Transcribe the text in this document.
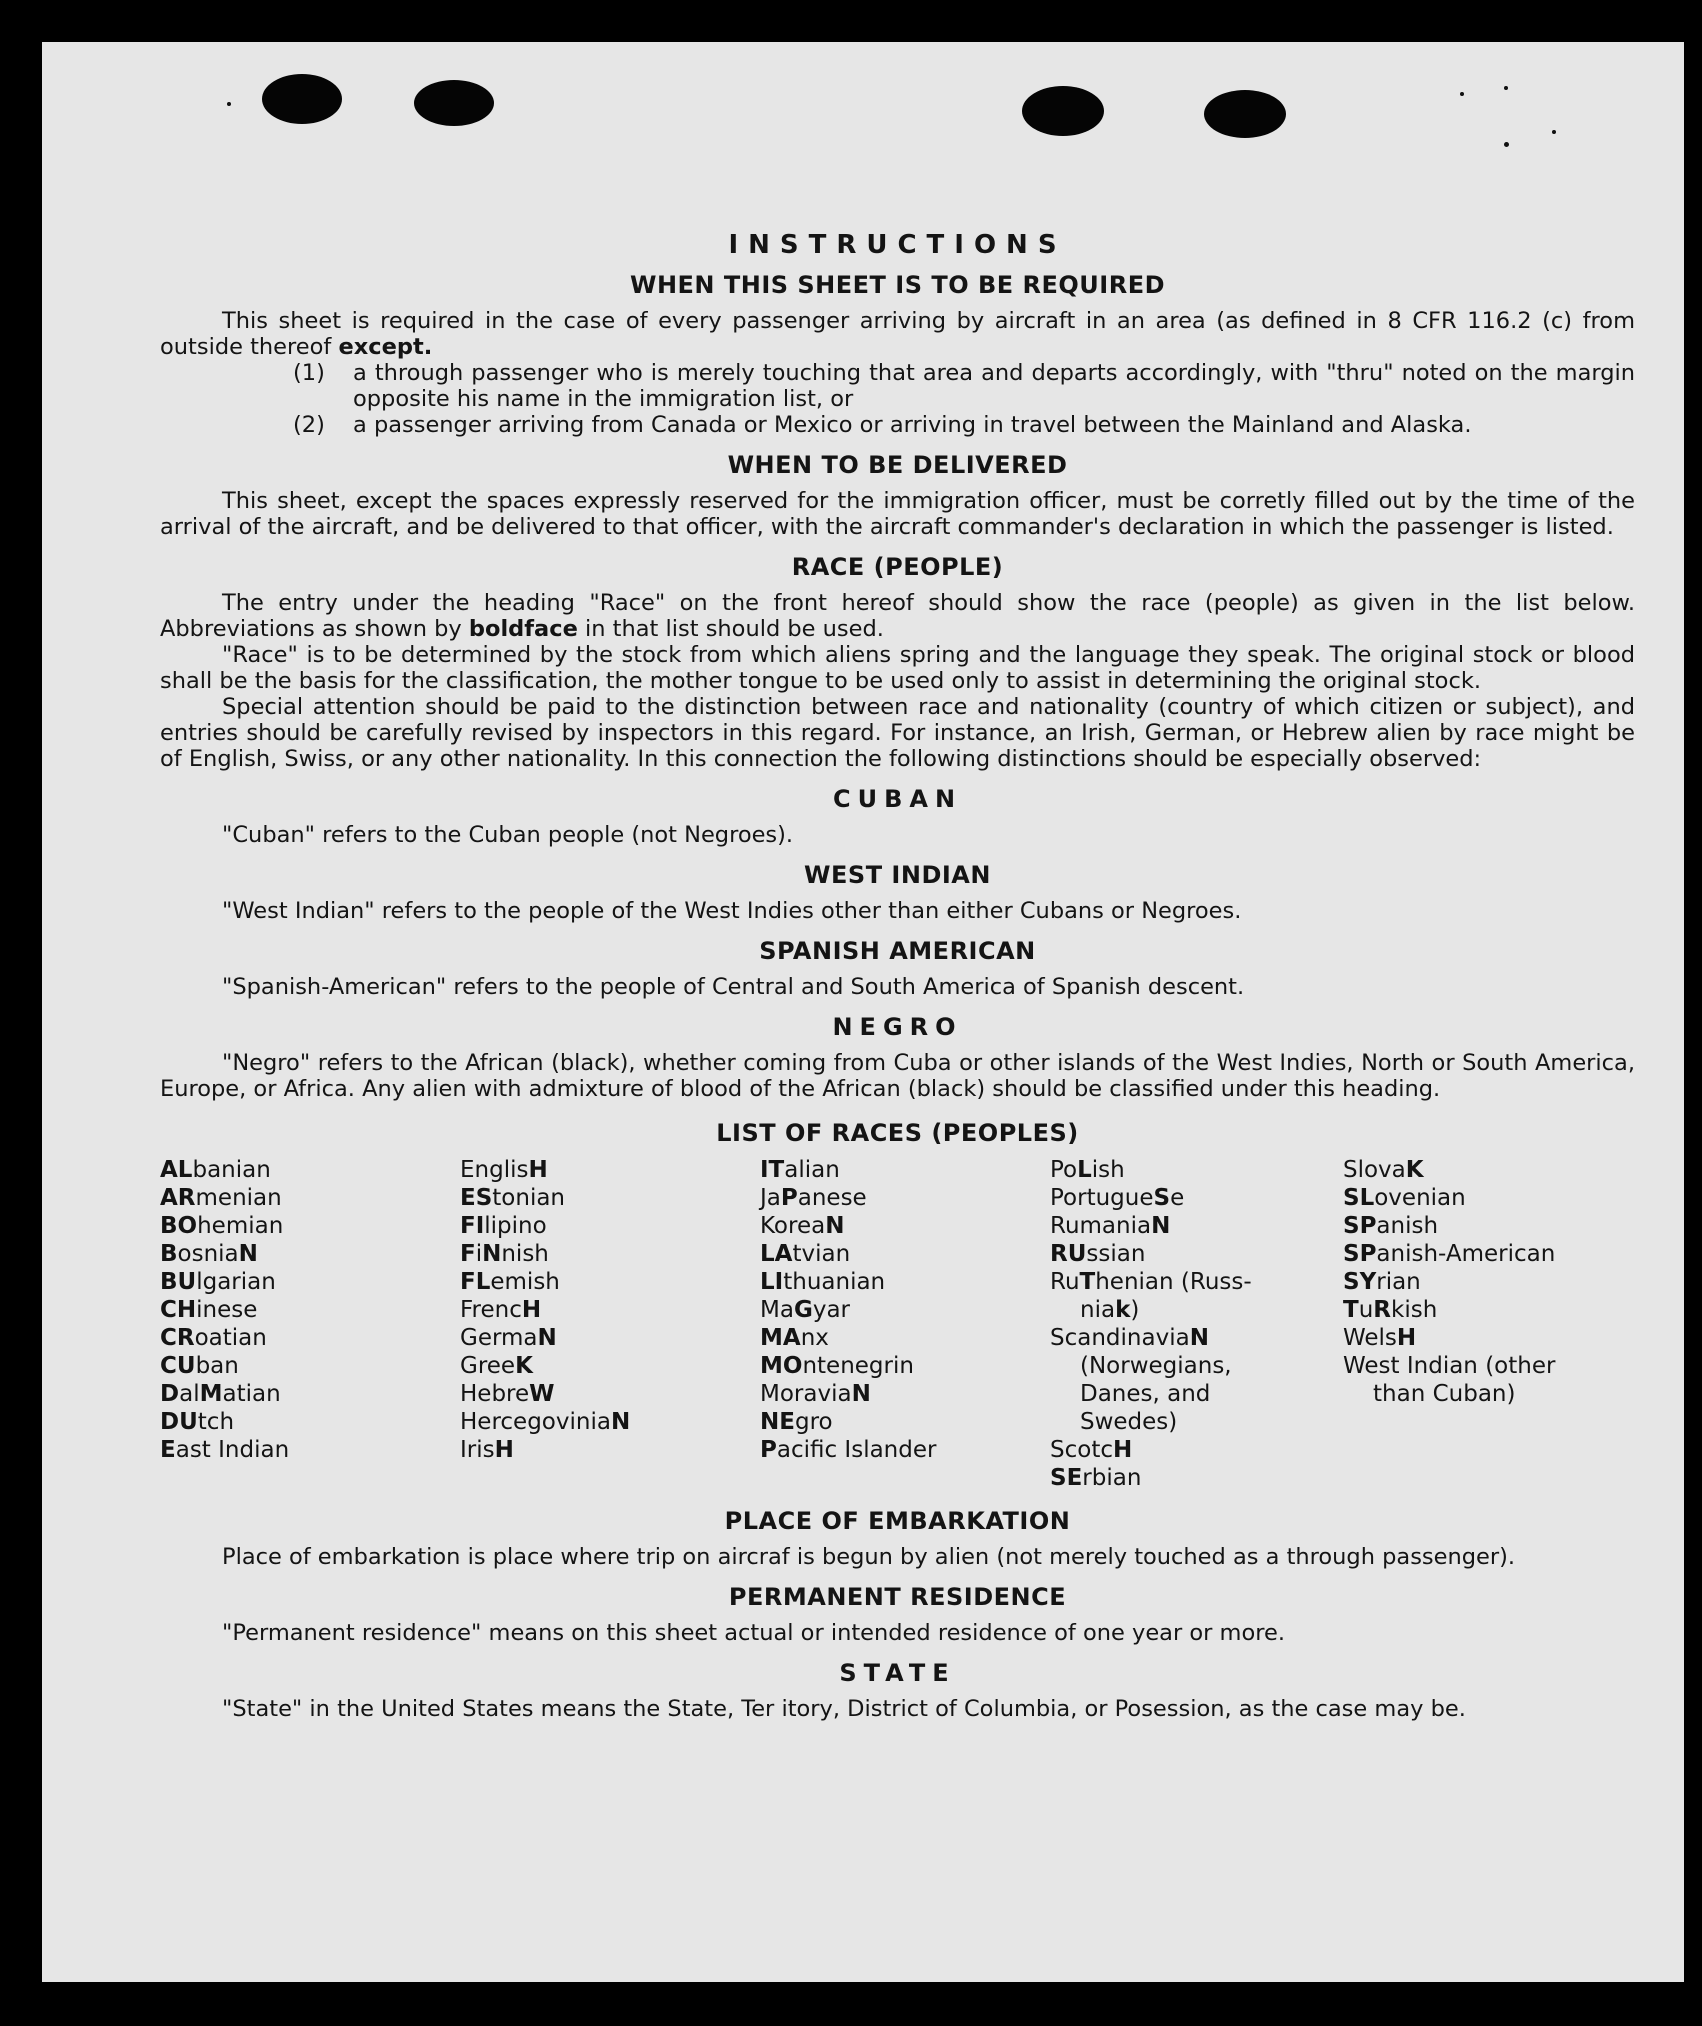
INSTRUCTIONS
WHEN THIS SHEET IS TO BE REQUIRED

This sheet is required in the case of every passenger arriving by aircraft in an area (as defined in 8 CFR 116.2 (c) from outside thereof except.

(1) a through passenger who is merely touching that area and departs accordingly, with "thru" noted on the margin opposite his name in the immigration list, or

(2) a passenger arriving from Canada or Mexico or arriving in travel between the Mainland and Alaska.

WHEN TO BE DELIVERED

This sheet, except the spaces expressly reserved for the immigration officer, must be corretly filled out by the time of the arrival of the aircraft, and be delivered to that officer, with the aircraft commander's declaration in which the passenger is listed.

RACE (PEOPLE)

The entry under the heading "Race" on the front hereof should show the race (people) as given in the list below. Abbreviations as shown by boldface in that list should be used.

"Race" is to be determined by the stock from which aliens spring and the language they speak. The original stock or blood shall be the basis for the classification, the mother tongue to be used only to assist in determining the original stock.

Special attention should be paid to the distinction between race and nationality (country of which citizen or subject), and entries should be carefully revised by inspectors in this regard. For instance, an Irish, German, or Hebrew alien by race might be of English, Swiss, or any other nationality. In this connection the following distinctions should be especially observed:

CUBAN

"Cuban" refers to the Cuban people (not Negroes).

WEST INDIAN

"West Indian" refers to the people of the West Indies other than either Cubans or Negroes.

SPANISH AMERICAN

"Spanish-American" refers to the people of Central and South America of Spanish descent.

NEGRO

"Negro" refers to the African (black), whether coming from Cuba or other islands of the West Indies, North or South America, Europe, or Africa. Any alien with admixture of blood of the African (black) should be classified under this heading.

LIST OF RACES (PEOPLES)
ALbanian
ARmenian
BOhemian
BosniaN
BUlgarian
CHinese
CRoatian
CUban
DalMatian
DUtch
East Indian
EnglisH
EStonian
FIlipino
FiNnish
FLemish
FrencH
GermaN
GreeK
HebreW
HercegoviniaN
IrisH
ITalian
JaPanese
KoreaN
LAtvian
LIthuanian
MaGyar
MAnx
MOntenegrin
MoraviaN
NEgro
Pacific Islander
PoLish
PortugueSe
RumaniaN
RUssian
RuThenian (Russ-
niak)
ScandinaviaN
(Norwegians,
Danes, and
Swedes)
ScotcH
SErbian
SlovaK
SLovenian
SPanish
SPanish-American
SYrian
TuRkish
WelsH
West Indian (other
than Cuban)
PLACE OF EMBARKATION

Place of embarkation is place where trip on aircraf is begun by alien (not merely touched as a through passenger).

PERMANENT RESIDENCE

"Permanent residence" means on this sheet actual or intended residence of one year or more.

STATE

"State" in the United States means the State, Ter itory, District of Columbia, or Posession, as the case may be.
